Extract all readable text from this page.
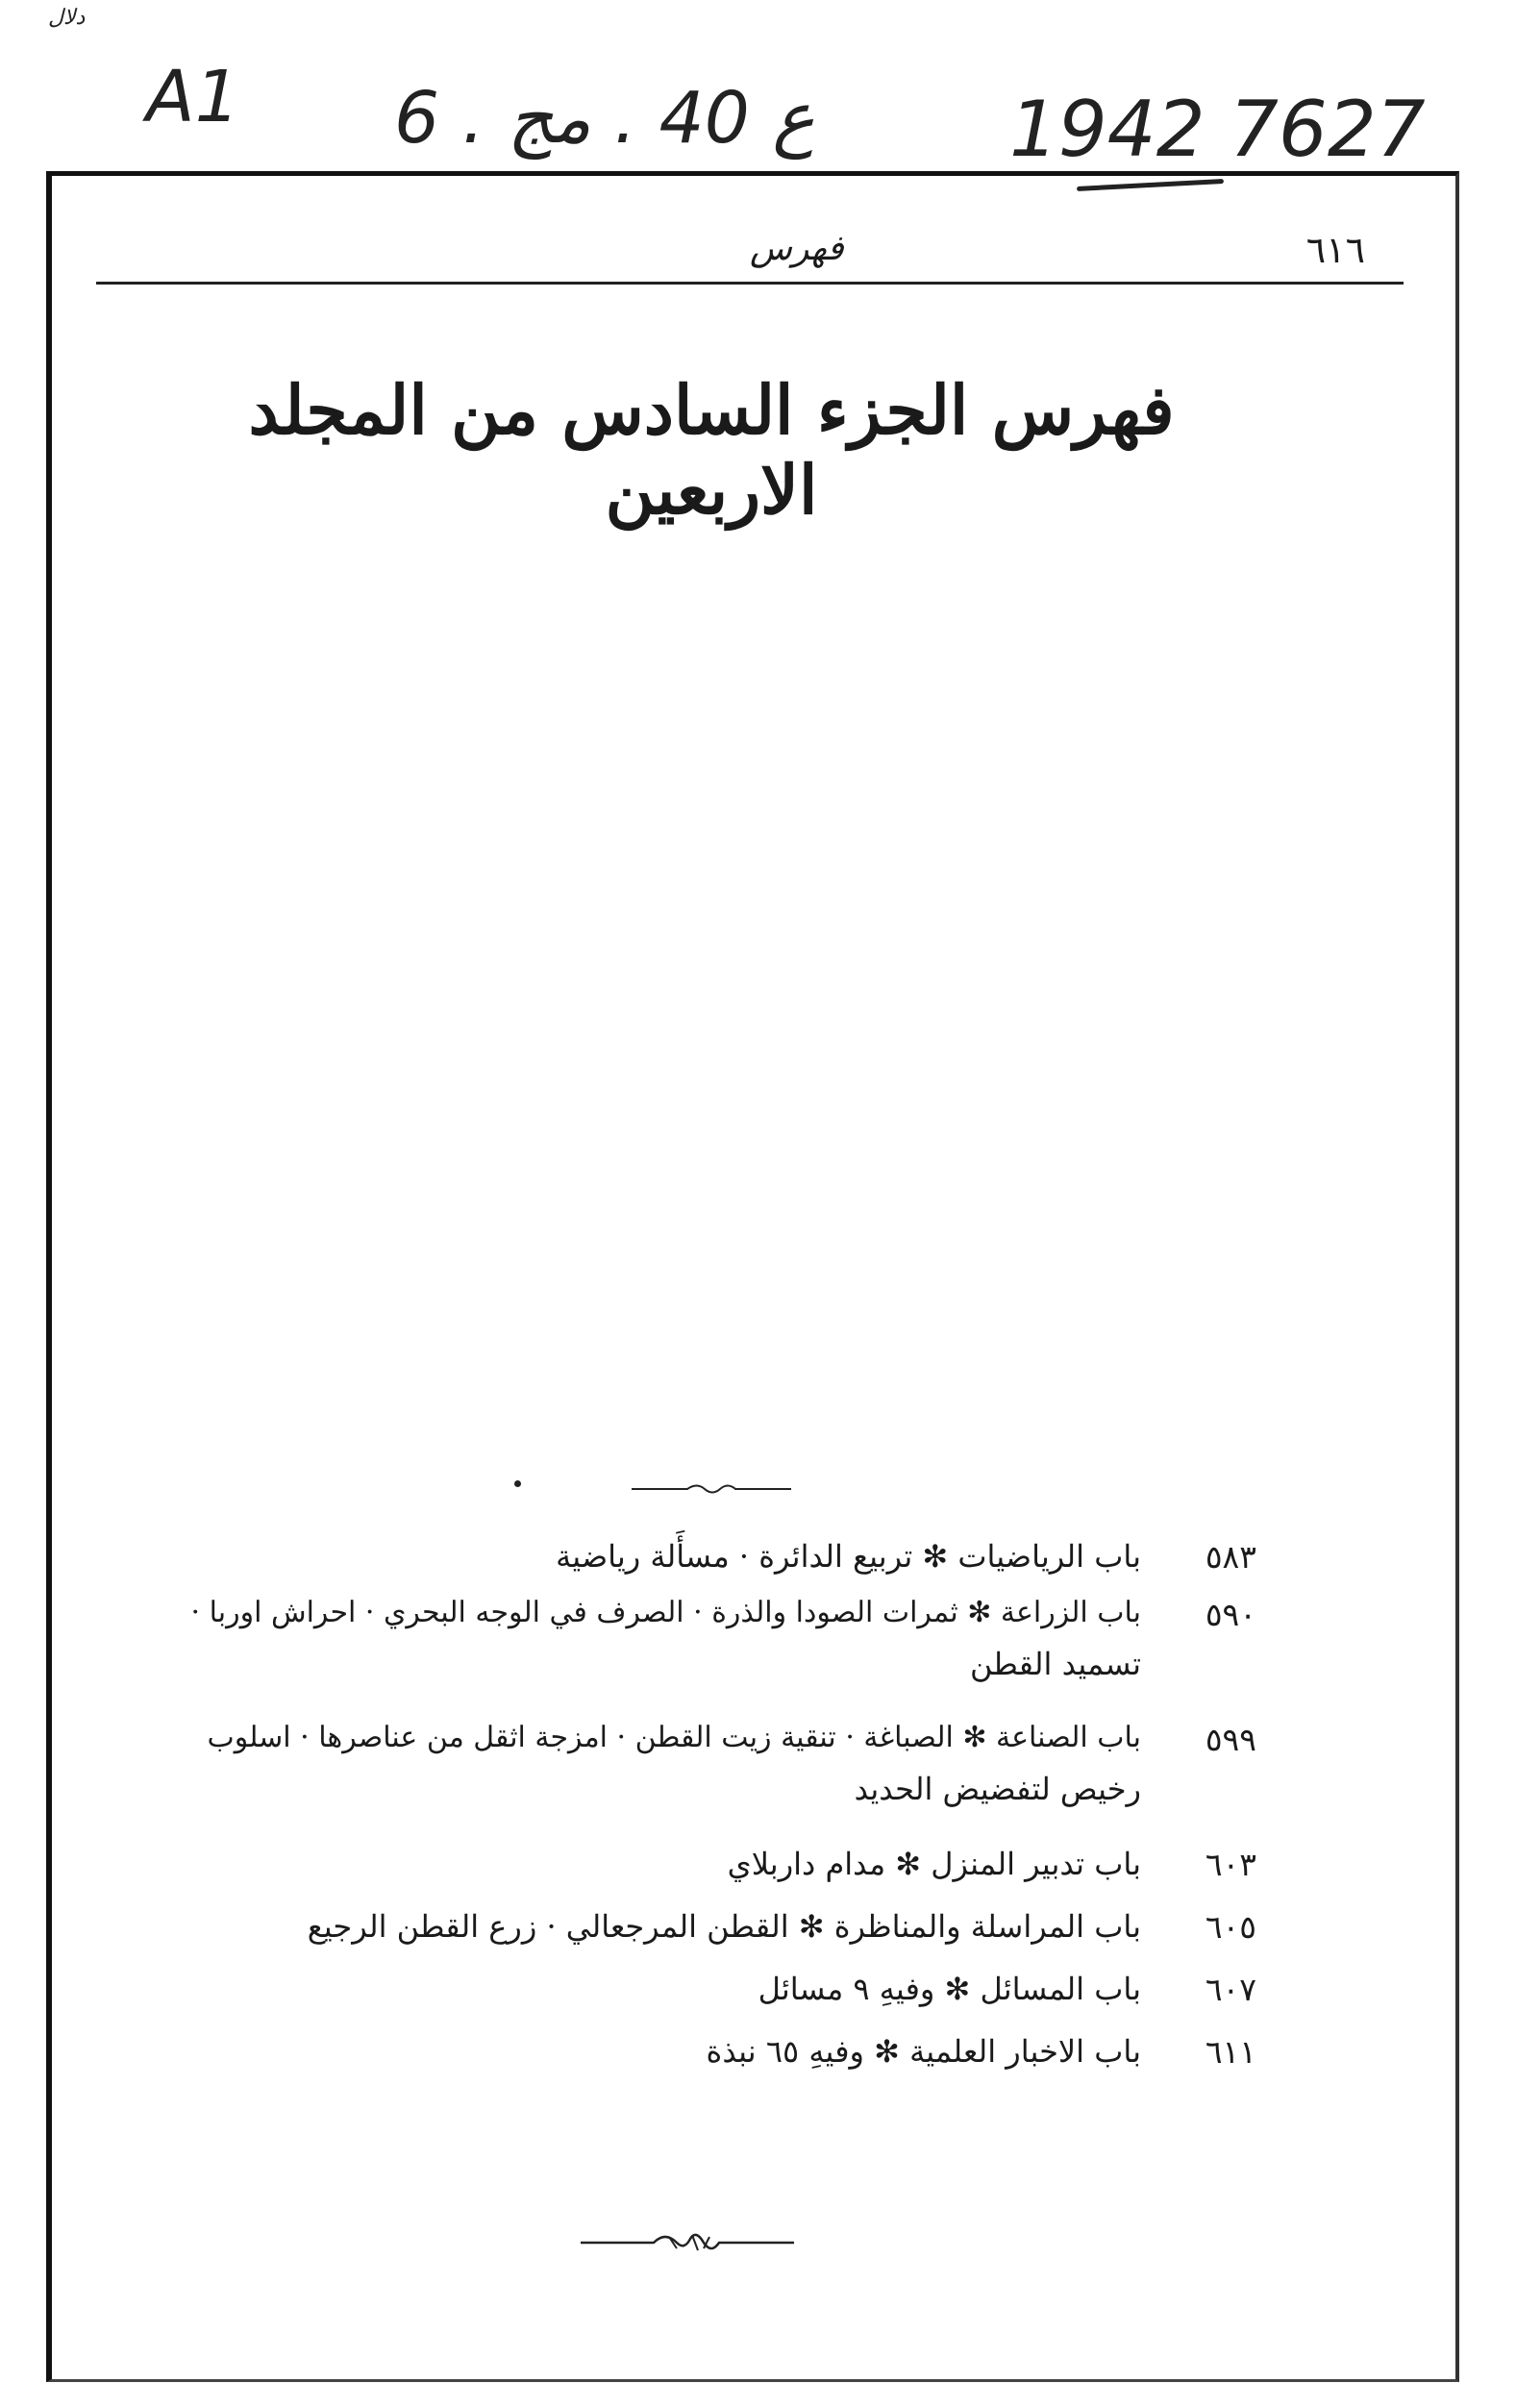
دلال
A1 6 . ع 40 . مج	1942 7627
٦١٦
فهرس
فهرس الجزء السادس من المجلد الاربعين
٥٨٣
باب الرياضيات ✻ تربيع الدائرة · مسأَلة رياضية
٥٩٠
باب الزراعة ✻ ثمرات الصودا والذرة · الصرف في الوجه البحري · احراش اوربا ·
تسميد القطن
٥٩٩
باب الصناعة ✻ الصباغة · تنقية زيت القطن · امزجة اثقل من عناصرها · اسلوب
رخيص لتفضيض الحديد
٦٠٣
باب تدبير المنزل ✻ مدام داربلاي
٦٠٥
باب المراسلة والمناظرة ✻ القطن المرجعالي · زرع القطن الرجيع
٦٠٧
باب المسائل ✻ وفيهِ ٩ مسائل
٦١١
باب الاخبار العلمية ✻ وفيهِ ٦٥ نبذة
